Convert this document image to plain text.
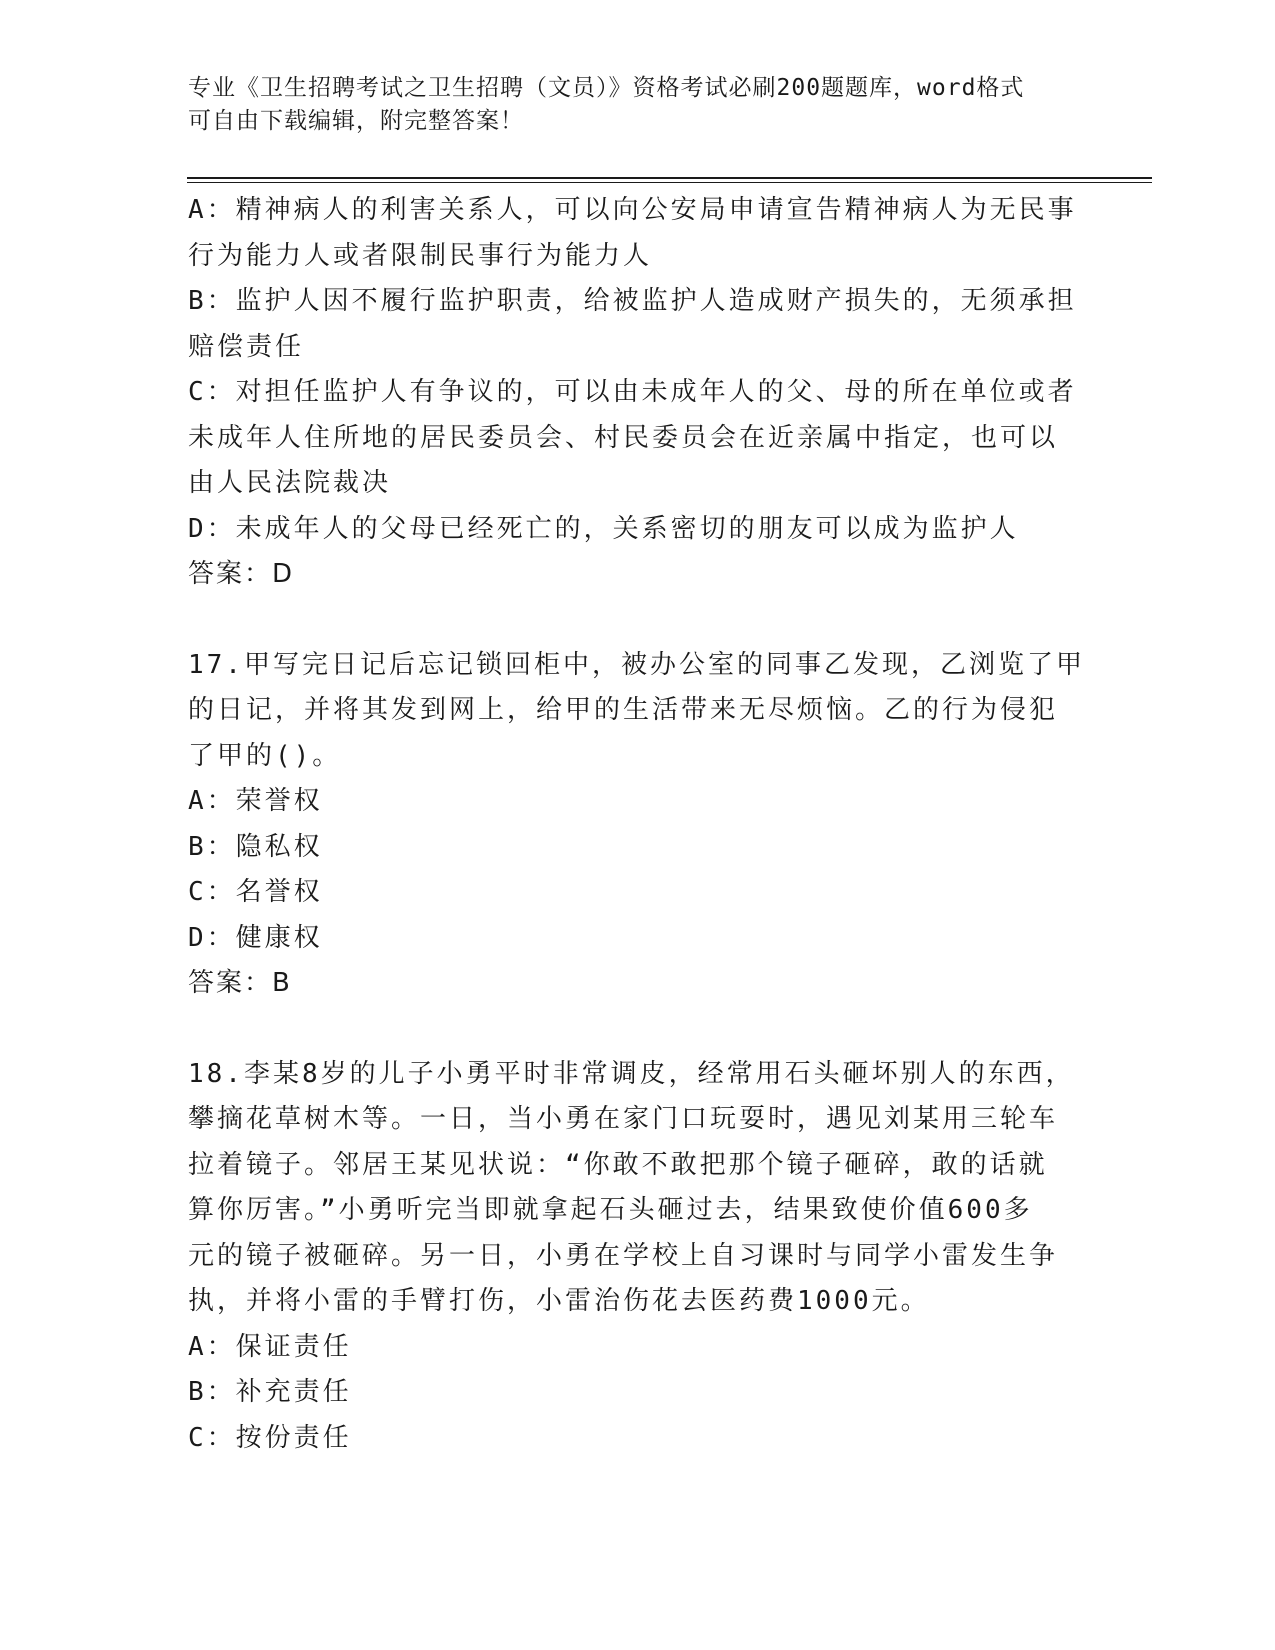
专业《卫生招聘考试之卫生招聘（文员）》资格考试必刷200题题库，word格式
可自由下载编辑，附完整答案！
A：精神病人的利害关系人，可以向公安局申请宣告精神病人为无民事
行为能力人或者限制民事行为能力人
B：监护人因不履行监护职责，给被监护人造成财产损失的，无须承担
赔偿责任
C：对担任监护人有争议的，可以由未成年人的父、母的所在单位或者
未成年人住所地的居民委员会、村民委员会在近亲属中指定，也可以
由人民法院裁决
D：未成年人的父母已经死亡的，关系密切的朋友可以成为监护人
答案：D
17.甲写完日记后忘记锁回柜中，被办公室的同事乙发现，乙浏览了甲
的日记，并将其发到网上，给甲的生活带来无尽烦恼。乙的行为侵犯
了甲的()。
A：荣誉权
B：隐私权
C：名誉权
D：健康权
答案：B
18.李某8岁的儿子小勇平时非常调皮，经常用石头砸坏别人的东西，
攀摘花草树木等。一日，当小勇在家门口玩耍时，遇见刘某用三轮车
拉着镜子。邻居王某见状说：“你敢不敢把那个镜子砸碎，敢的话就
算你厉害。”小勇听完当即就拿起石头砸过去，结果致使价值600多
元的镜子被砸碎。另一日，小勇在学校上自习课时与同学小雷发生争
执，并将小雷的手臂打伤，小雷治伤花去医药费1000元。
A：保证责任
B：补充责任
C：按份责任
